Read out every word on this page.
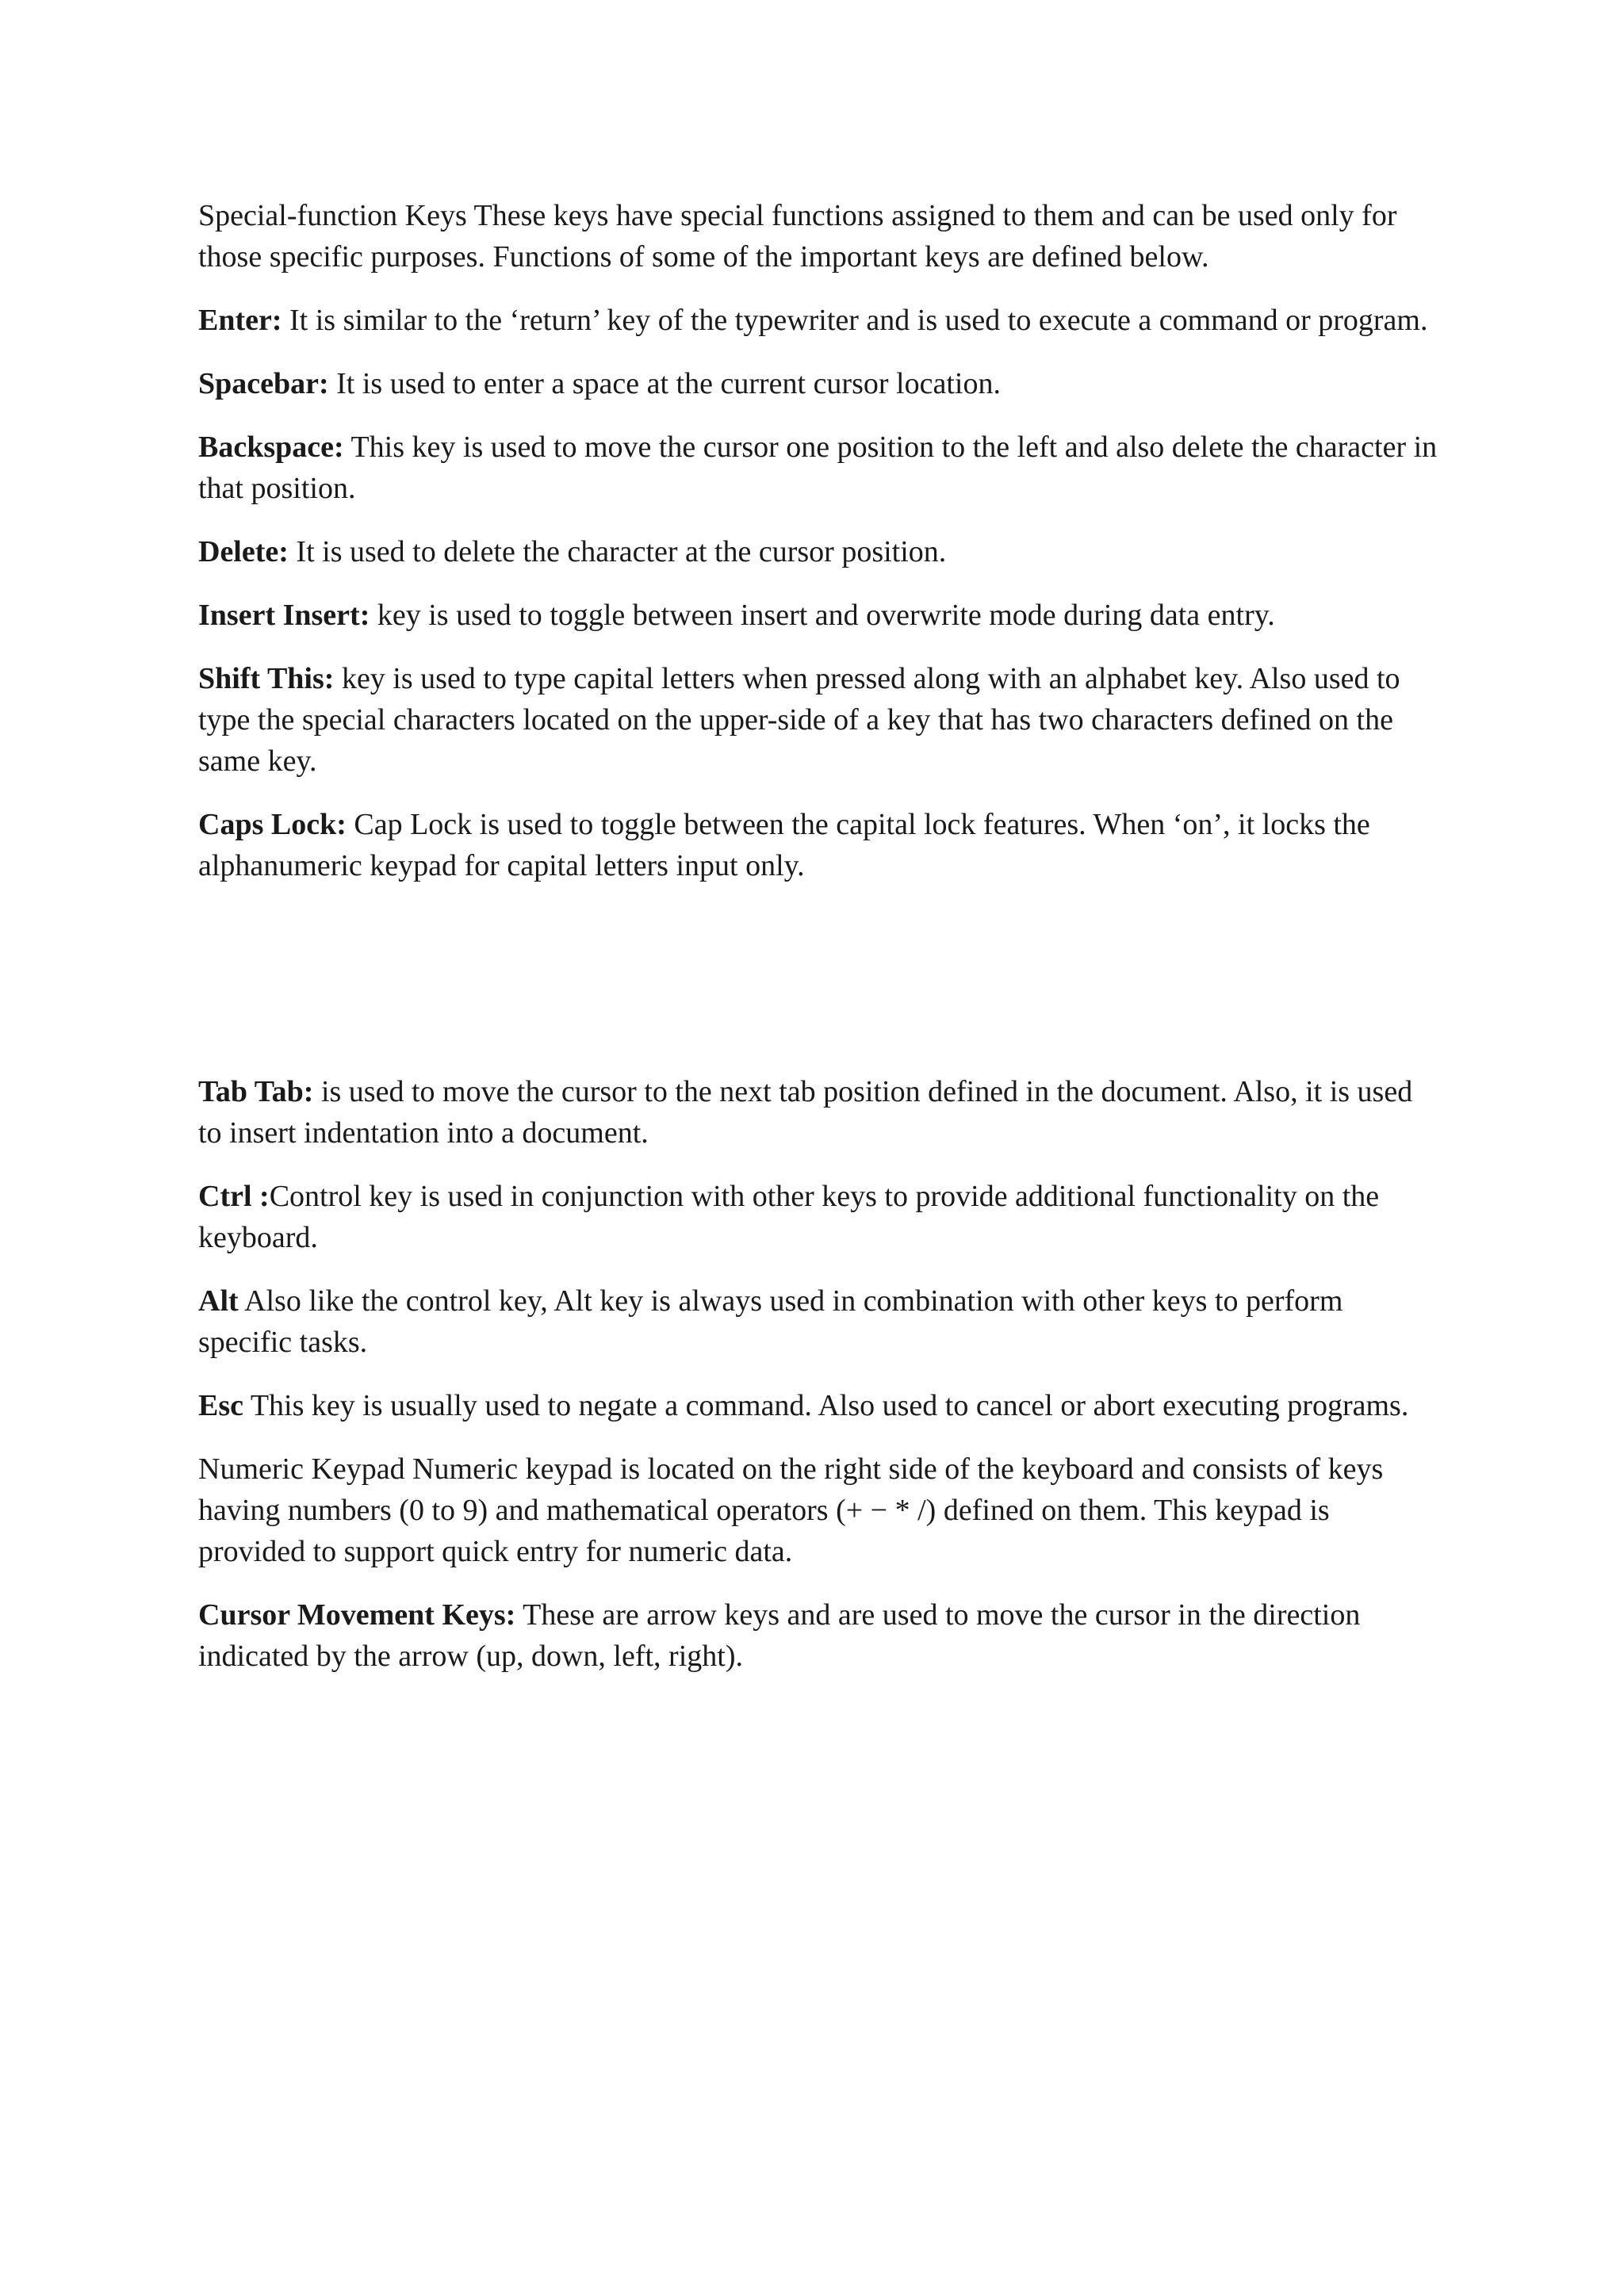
Special-function Keys These keys have special functions assigned to them and can be used only for those specific purposes. Functions of some of the important keys are defined below.

Enter: It is similar to the ‘return’ key of the typewriter and is used to execute a command or program.

Spacebar: It is used to enter a space at the current cursor location.

Backspace: This key is used to move the cursor one position to the left and also delete the character in that position.

Delete: It is used to delete the character at the cursor position.

Insert Insert: key is used to toggle between insert and overwrite mode during data entry.

Shift This: key is used to type capital letters when pressed along with an alphabet key. Also used to type the special characters located on the upper-side of a key that has two characters defined on the same key.

Caps Lock: Cap Lock is used to toggle between the capital lock features. When ‘on’, it locks the alphanumeric keypad for capital letters input only.

Tab Tab: is used to move the cursor to the next tab position defined in the document. Also, it is used to insert indentation into a document.

Ctrl :Control key is used in conjunction with other keys to provide additional functionality on the keyboard.

Alt Also like the control key, Alt key is always used in combination with other keys to perform specific tasks.

Esc This key is usually used to negate a command. Also used to cancel or abort executing programs.

Numeric Keypad Numeric keypad is located on the right side of the keyboard and consists of keys having numbers (0 to 9) and mathematical operators (+ − * /) defined on them. This keypad is provided to support quick entry for numeric data.

Cursor Movement Keys: These are arrow keys and are used to move the cursor in the direction indicated by the arrow (up, down, left, right).
